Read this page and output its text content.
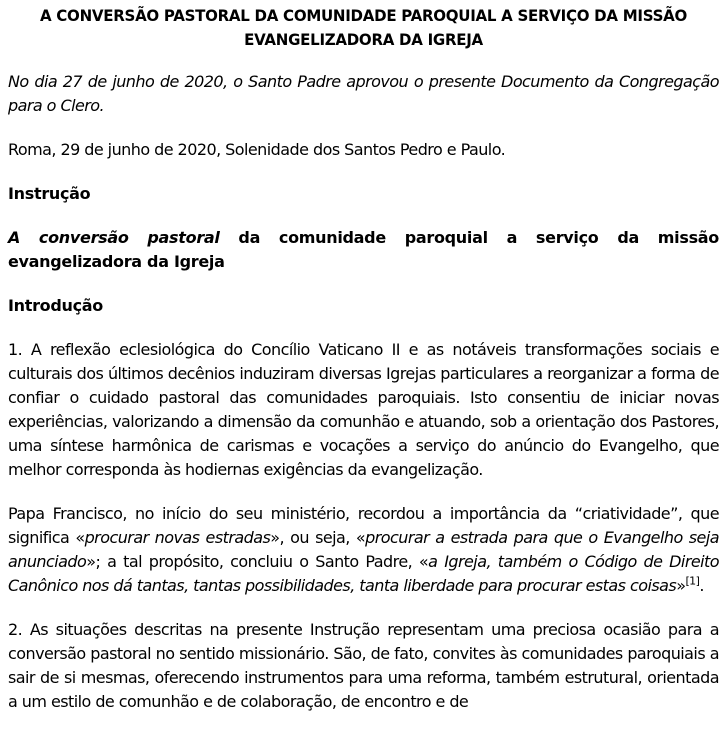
A CONVERSÃO PASTORAL DA COMUNIDADE PAROQUIAL A SERVIÇO DA MISSÃO EVANGELIZADORA DA IGREJA

No dia 27 de junho de 2020, o Santo Padre aprovou o presente Documento da Congregação para o Clero.

Roma, 29 de junho de 2020, Solenidade dos Santos Pedro e Paulo.

Instrução

A conversão pastoral da comunidade paroquial a serviço da missão evangelizadora da Igreja

Introdução

1. A reflexão eclesiológica do Concílio Vaticano II e as notáveis transformações sociais e culturais dos últimos decênios induziram diversas Igrejas particulares a reorganizar a forma de confiar o cuidado pastoral das comunidades paroquiais. Isto consentiu de iniciar novas experiências, valorizando a dimensão da comunhão e atuando, sob a orientação dos Pastores, uma síntese harmônica de carismas e vocações a serviço do anúncio do Evangelho, que melhor corresponda às hodiernas exigências da evangelização.

Papa Francisco, no início do seu ministério, recordou a importância da “criatividade”, que significa «procurar novas estradas», ou seja, «procurar a estrada para que o Evangelho seja anunciado»; a tal propósito, concluiu o Santo Padre, «a Igreja, também o Código de Direito Canônico nos dá tantas, tantas possibilidades, tanta liberdade para procurar estas coisas»[1].

2. As situações descritas na presente Instrução representam uma preciosa ocasião para a conversão pastoral no sentido missionário. São, de fato, convites às comunidades paroquiais a sair de si mesmas, oferecendo instrumentos para uma reforma, também estrutural, orientada a um estilo de comunhão e de colaboração, de encontro e de
